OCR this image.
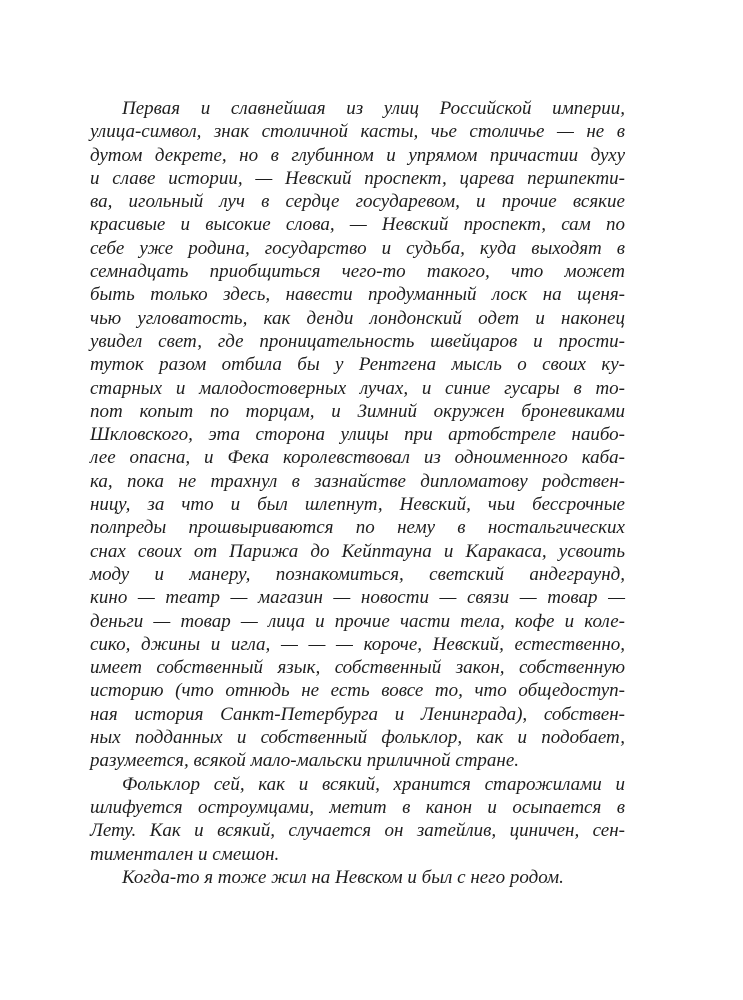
Первая и славнейшая из улиц Российской империи,
улица-символ, знак столичной касты, чье столичье — не в
дутом декрете, но в глубинном и упрямом причастии духу
и славе истории, — Невский проспект, царева першпекти-
ва, игольный луч в сердце государевом, и прочие всякие
красивые и высокие слова, — Невский проспект, сам по
себе уже родина, государство и судьба, куда выходят в
семнадцать приобщиться чего-то такого, что может
быть только здесь, навести продуманный лоск на щеня-
чью угловатость, как денди лондонский одет и наконец
увидел свет, где проницательность швейцаров и прости-
туток разом отбила бы у Рентгена мысль о своих ку-
старных и малодостоверных лучах, и синие гусары в то-
пот копыт по торцам, и Зимний окружен броневиками
Шкловского, эта сторона улицы при артобстреле наибо-
лее опасна, и Фека королевствовал из одноименного каба-
ка, пока не трахнул в зазнайстве дипломатову родствен-
ницу, за что и был шлепнут, Невский, чьи бессрочные
полпреды прошвыриваются по нему в ностальгических
снах своих от Парижа до Кейптауна и Каракаса, усвоить
моду и манеру, познакомиться, светский андеграунд,
кино — театр — магазин — новости — связи — товар —
деньги — товар — лица и прочие части тела, кофе и коле-
сико, джины и игла, — — — короче, Невский, естественно,
имеет собственный язык, собственный закон, собственную
историю (что отнюдь не есть вовсе то, что общедоступ-
ная история Санкт-Петербурга и Ленинграда), собствен-
ных подданных и собственный фольклор, как и подобает,
разумеется, всякой мало-мальски приличной стране.
Фольклор сей, как и всякий, хранится старожилами и
шлифуется остроумцами, метит в канон и осыпается в
Лету. Как и всякий, случается он затейлив, циничен, сен-
тиментален и смешон.
Когда-то я тоже жил на Невском и был с него родом.
